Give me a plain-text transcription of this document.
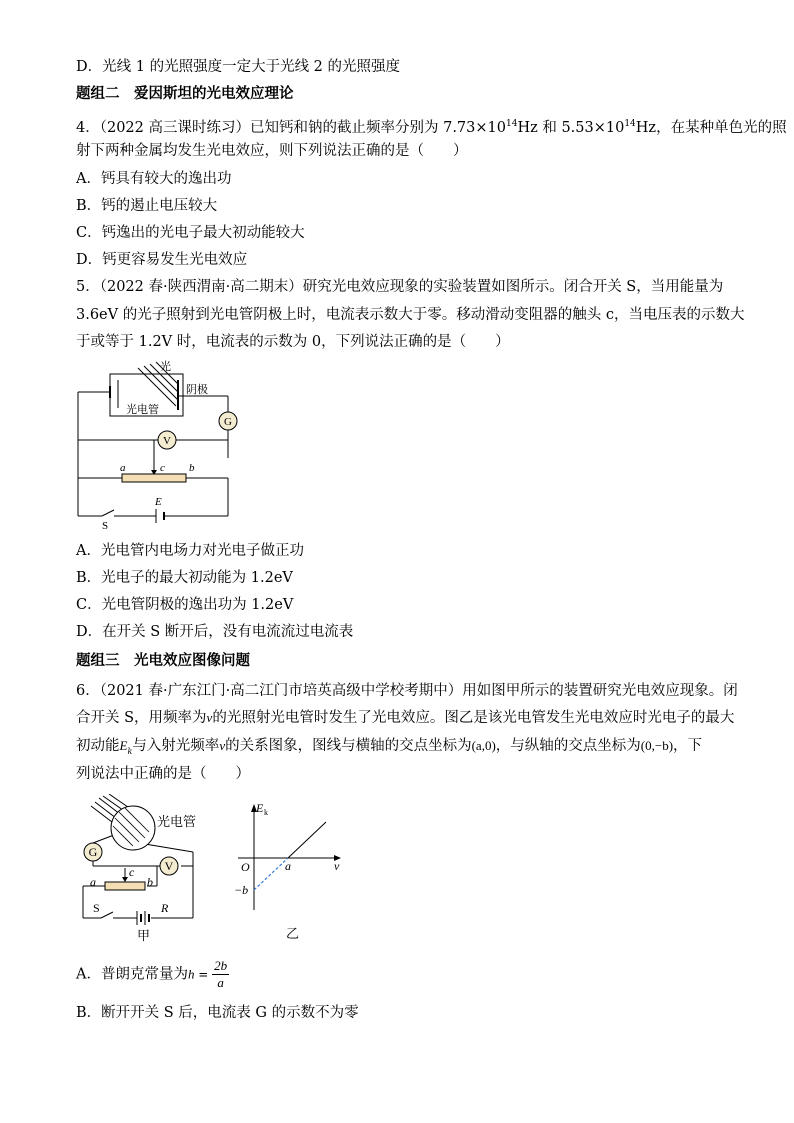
D．光线 1 的光照强度一定大于光线 2 的光照强度
题组二　爱因斯坦的光电效应理论
4．（2022 高三课时练习）已知钙和钠的截止频率分别为 $7.73\times 10^{14}Hz$ 和 $5.53\times 10^{14}Hz$，在某种单色光的照
射下两种金属均发生光电效应，则下列说法正确的是（　　）
A．钙具有较大的逸出功
B．钙的遏止电压较大
C．钙逸出的光电子最大初动能较大
D．钙更容易发生光电效应
5．（2022 春·陕西渭南·高二期末）研究光电效应现象的实验装置如图所示。闭合开关 S，当用能量为
3.6eV 的光子照射到光电管阴极上时，电流表示数大于零。移动滑动变阻器的触头 c，当电压表的示数大
于或等于 1.2V 时，电流表的示数为 0，下列说法正确的是（　　）
G
V
光
阴极
光电管
a	c b
E
S
A．光电管内电场力对光电子做正功
B．光电子的最大初动能为 1.2eV
C．光电管阴极的逸出功为 1.2eV
D．在开关 S 断开后，没有电流流过电流表
题组三　光电效应图像问题
6．（2021 春·广东江门·高二江门市培英高级中学校考期中）用如图甲所示的装置研究光电效应现象。闭
合开关 S，用频率为ν的光照射光电管时发生了光电效应。图乙是该光电管发生光电效应时光电子的最大
初动能$E_k$与入射光频率ν的关系图象，图线与横轴的交点坐标为(a,0)，与纵轴的交点坐标为(0,−b)，下
列说法中正确的是（　　）
G
V
光电管
a
c
b
S	R
甲
E k
O	ν
a
−b
乙
A．普朗克常量为$h = \frac{2b}{a}$
B．断开开关 S 后，电流表 G 的示数不为零
